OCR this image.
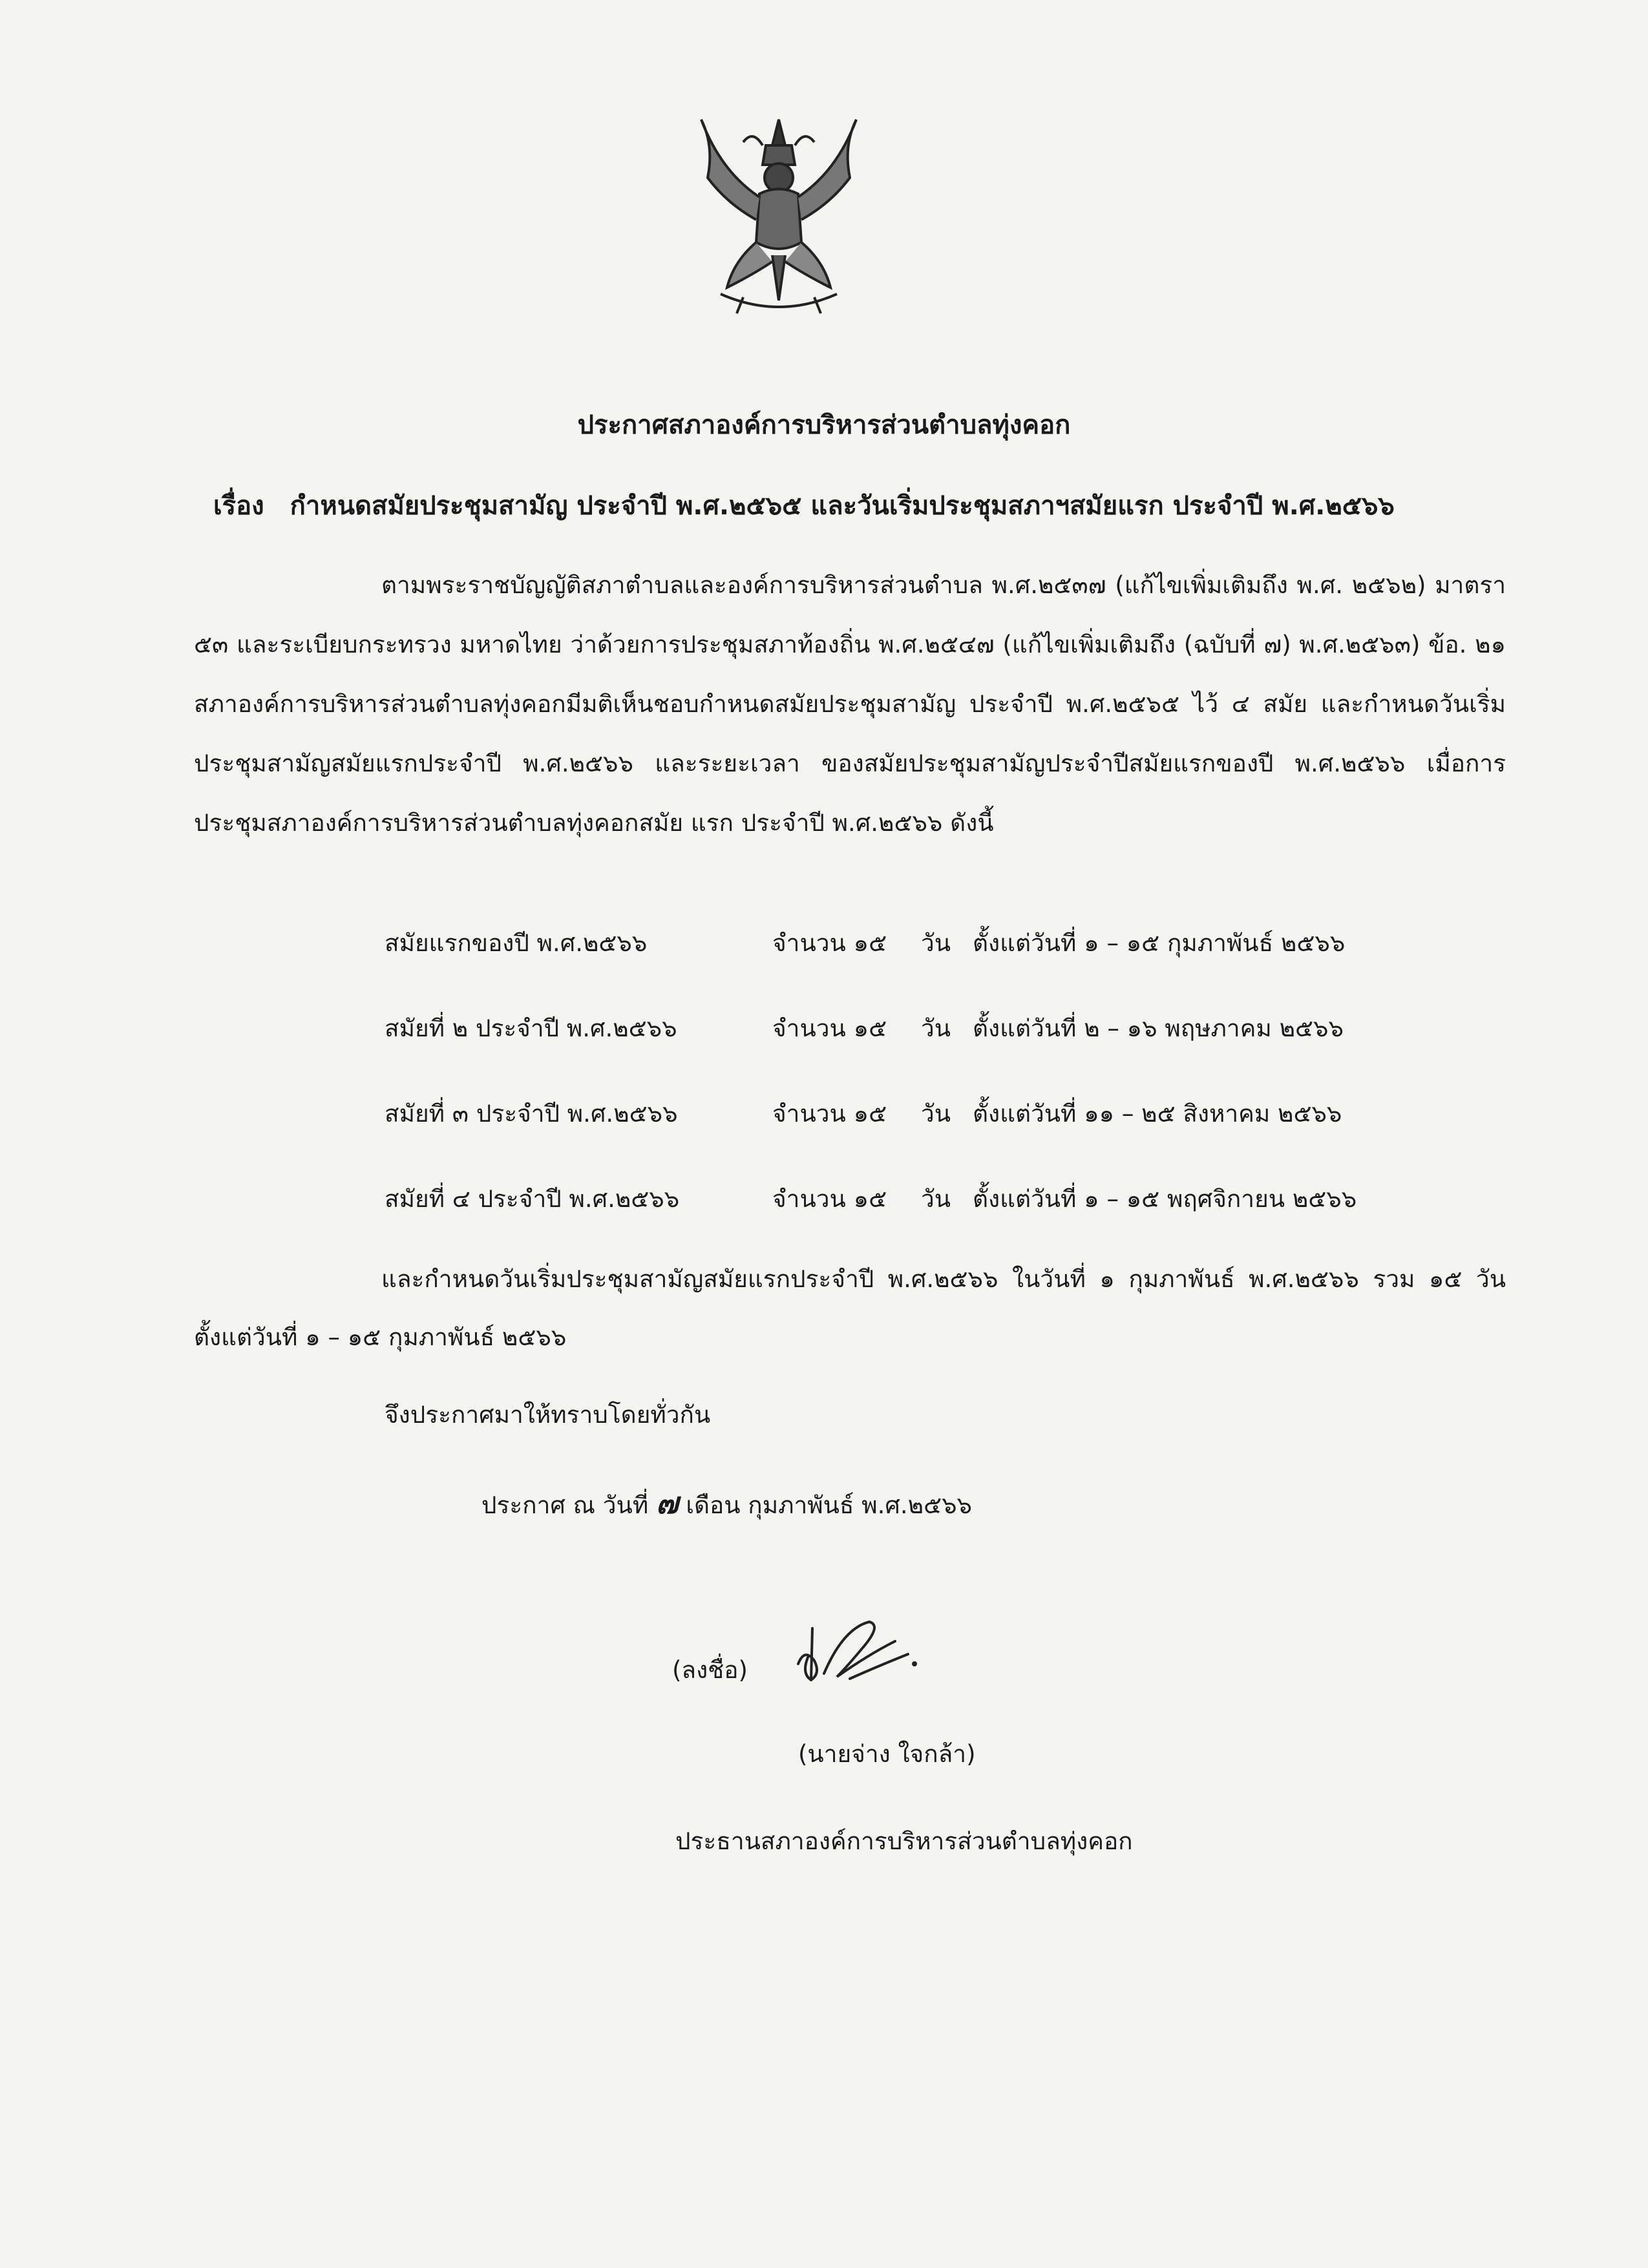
ประกาศสภาองค์การบริหารส่วนตำบลทุ่งคอก
เรื่อง กำหนดสมัยประชุมสามัญ ประจำปี พ.ศ.๒๕๖๕ และวันเริ่มประชุมสภาฯสมัยแรก ประจำปี พ.ศ.๒๕๖๖
ตามพระราชบัญญัติสภาตำบลและองค์การบริหารส่วนตำบล พ.ศ.๒๕๓๗ (แก้ไขเพิ่มเติมถึง พ.ศ. ๒๕๖๒) มาตรา ๕๓ และระเบียบกระทรวง มหาดไทย ว่าด้วยการประชุมสภาท้องถิ่น พ.ศ.๒๕๔๗ (แก้ไขเพิ่มเติมถึง (ฉบับที่ ๗) พ.ศ.๒๕๖๓) ข้อ. ๒๑ สภาองค์การบริหารส่วนตำบลทุ่งคอกมีมติเห็นชอบกำหนดสมัยประชุมสามัญ ประจำปี พ.ศ.๒๕๖๕ ไว้ ๔ สมัย และกำหนดวันเริ่มประชุมสามัญสมัยแรกประจำปี พ.ศ.๒๕๖๖ และระยะเวลา ของสมัยประชุมสามัญประจำปีสมัยแรกของปี พ.ศ.๒๕๖๖ เมื่อการประชุมสภาองค์การบริหารส่วนตำบลทุ่งคอกสมัย แรก ประจำปี พ.ศ.๒๕๖๖ ดังนี้
สมัยแรกของปี พ.ศ.๒๕๖๖	จำนวน ๑๕	วัน ตั้งแต่วันที่ ๑ – ๑๕ กุมภาพันธ์ ๒๕๖๖
สมัยที่ ๒ ประจำปี พ.ศ.๒๕๖๖	จำนวน ๑๕	วัน ตั้งแต่วันที่ ๒ – ๑๖ พฤษภาคม ๒๕๖๖
สมัยที่ ๓ ประจำปี พ.ศ.๒๕๖๖	จำนวน ๑๕	วัน ตั้งแต่วันที่ ๑๑ – ๒๕ สิงหาคม ๒๕๖๖
สมัยที่ ๔ ประจำปี พ.ศ.๒๕๖๖	จำนวน ๑๕	วัน ตั้งแต่วันที่ ๑ – ๑๕ พฤศจิกายน ๒๕๖๖
และกำหนดวันเริ่มประชุมสามัญสมัยแรกประจำปี พ.ศ.๒๕๖๖ ในวันที่ ๑ กุมภาพันธ์ พ.ศ.๒๕๖๖ รวม ๑๕ วัน ตั้งแต่วันที่ ๑ – ๑๕ กุมภาพันธ์ ๒๕๖๖
จึงประกาศมาให้ทราบโดยทั่วกัน
ประกาศ ณ วันที่ ๗ เดือน กุมภาพันธ์ พ.ศ.๒๕๖๖
(ลงชื่อ)
(นายจ่าง ใจกล้า)
ประธานสภาองค์การบริหารส่วนตำบลทุ่งคอก
